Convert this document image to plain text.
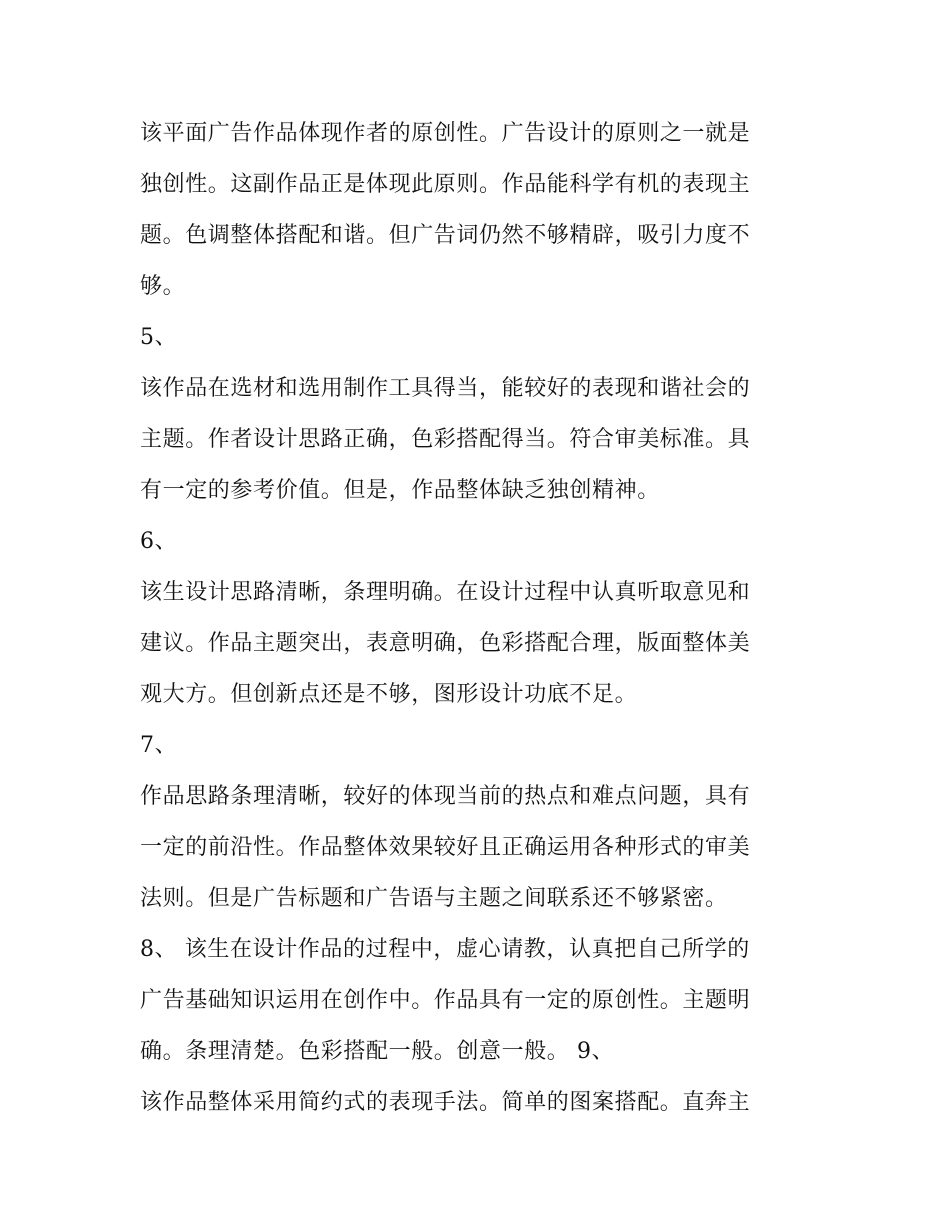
该平面广告作品体现作者的原创性。广告设计的原则之一就是
独创性。这副作品正是体现此原则。作品能科学有机的表现主
题。色调整体搭配和谐。但广告词仍然不够精辟，吸引力度不
够。

5、

该作品在选材和选用制作工具得当，能较好的表现和谐社会的
主题。作者设计思路正确，色彩搭配得当。符合审美标准。具
有一定的参考价值。但是，作品整体缺乏独创精神。

6、

该生设计思路清晰，条理明确。在设计过程中认真听取意见和
建议。作品主题突出，表意明确，色彩搭配合理，版面整体美
观大方。但创新点还是不够，图形设计功底不足。

7、

作品思路条理清晰，较好的体现当前的热点和难点问题，具有
一定的前沿性。作品整体效果较好且正确运用各种形式的审美
法则。但是广告标题和广告语与主题之间联系还不够紧密。

8、 该生在设计作品的过程中，虚心请教，认真把自己所学的
广告基础知识运用在创作中。作品具有一定的原创性。主题明
确。条理清楚。色彩搭配一般。创意一般。 9、

该作品整体采用简约式的表现手法。简单的图案搭配。直奔主
